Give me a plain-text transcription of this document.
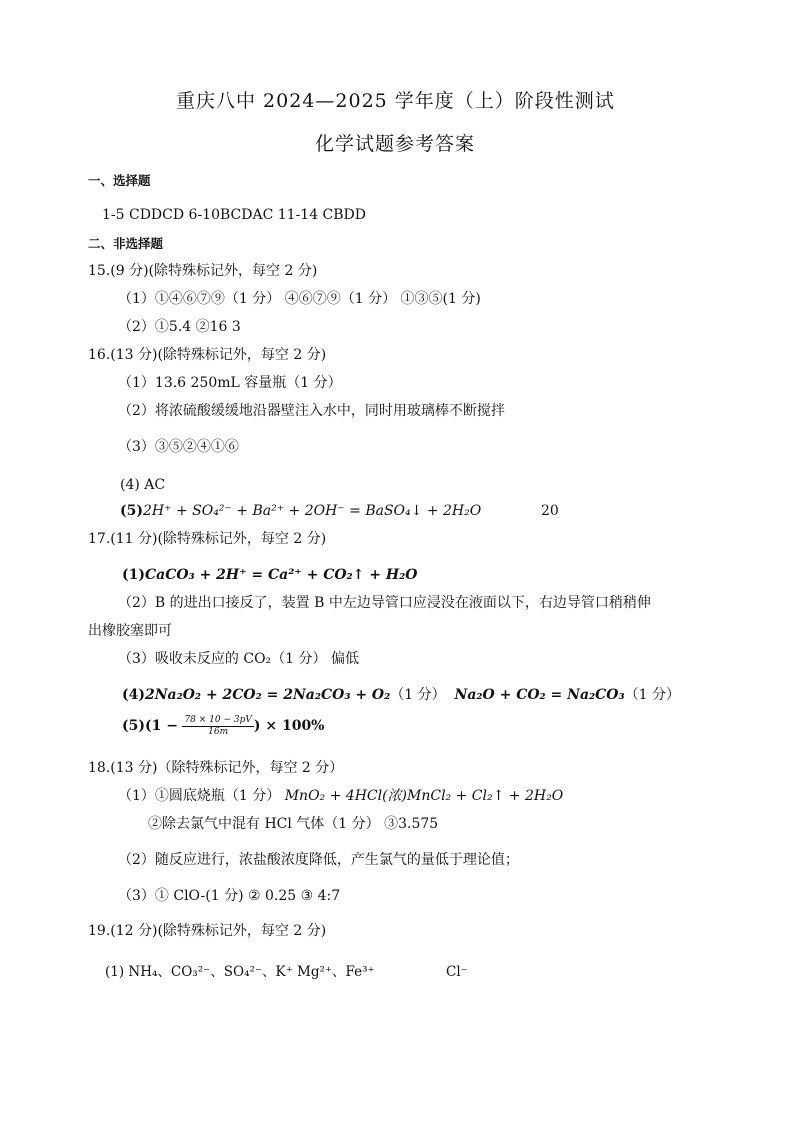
重庆八中 2024—2025 学年度（上）阶段性测试
化学试题参考答案
一、选择题
1-5 CDDCD 6-10BCDAC 11-14 CBDD
二、非选择题
15.(9 分)(除特殊标记外，每空 2 分)
（1）①④⑥⑦⑨（1 分） ④⑥⑦⑨（1 分） ①③⑤(1 分)
（2）①5.4 ②16 3
16.(13 分)(除特殊标记外，每空 2 分)
（1）13.6 250mL 容量瓶（1 分）
（2）将浓硫酸缓缓地沿器壁注入水中，同时用玻璃棒不断搅拌
（3）③⑤②④①⑥
(4) AC
(5)2H⁺ + SO₄²⁻ + Ba²⁺ + 2OH⁻ = BaSO₄↓ + 2H₂O	20
17.(11 分)(除特殊标记外，每空 2 分)
(1)CaCO₃ + 2H⁺ = Ca²⁺ + CO₂↑ + H₂O
（2）B 的进出口接反了，装置 B 中左边导管口应浸没在液面以下，右边导管口稍稍伸
出橡胶塞即可
（3）吸收未反应的 CO₂（1 分） 偏低
(4)2Na₂O₂ + 2CO₂ = 2Na₂CO₃ + O₂（1 分） Na₂O + CO₂ = Na₂CO₃（1 分）
$(5)(1 - \frac{78 \times 10 - 3pV}{16m}$ ) × 100%
18.(13 分)（除特殊标记外，每空 2 分）
（1）①圆底烧瓶（1 分） MnO₂ + 4HCl(浓)MnCl₂ + Cl₂↑ + 2H₂O
②除去氯气中混有 HCl 气体（1 分） ③3.575
（2）随反应进行，浓盐酸浓度降低，产生氯气的量低于理论值；
（3）① ClO-(1 分) ② 0.25 ③ 4:7
19.(12 分)(除特殊标记外，每空 2 分)
(1) NH₄、CO₃²⁻、SO₄²⁻、K⁺ Mg²⁺、Fe³⁺	Cl⁻
